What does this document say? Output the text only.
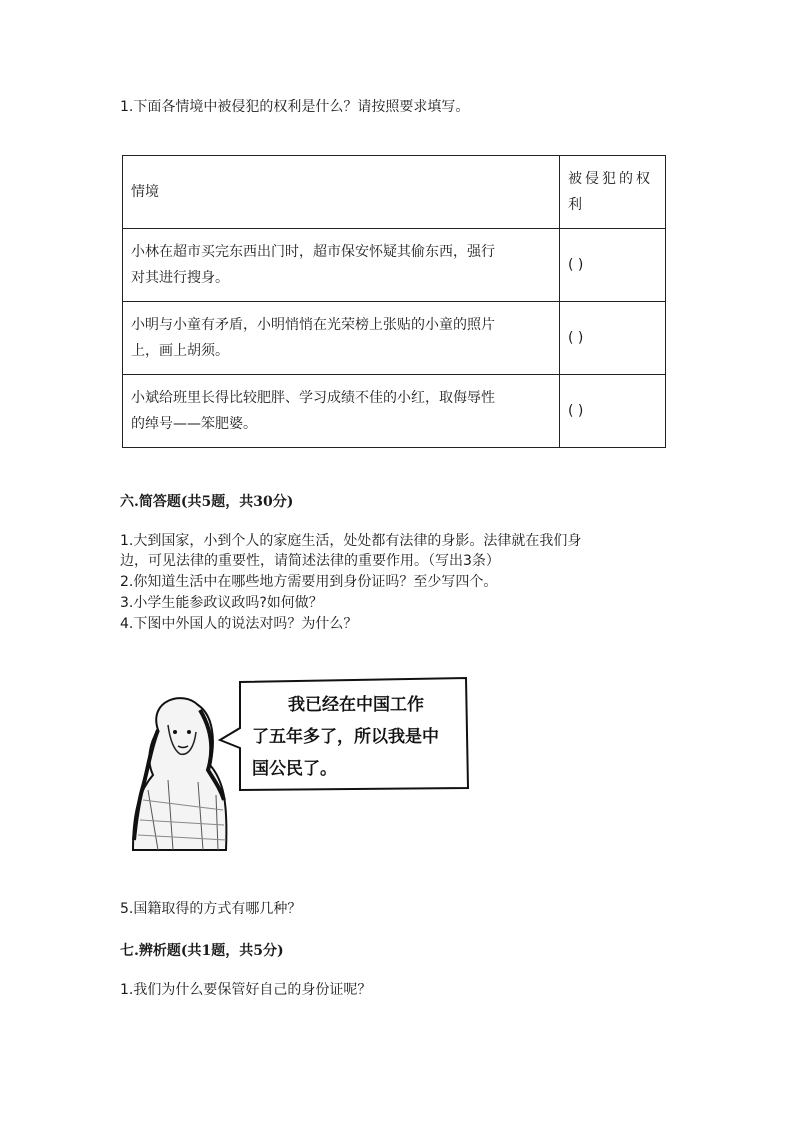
1.下面各情境中被侵犯的权利是什么？请按照要求填写。
情境	被侵犯的权
利

小林在超市买完东西出门时，超市保安怀疑其偷东西，强行
对其进行搜身。	( )

小明与小童有矛盾，小明悄悄在光荣榜上张贴的小童的照片
上，画上胡须。	( )

小斌给班里长得比较肥胖、学习成绩不佳的小红，取侮辱性
的绰号——笨肥婆。	( )
六.简答题(共5题，共30分)
1.大到国家，小到个人的家庭生活，处处都有法律的身影。法律就在我们身
边，可见法律的重要性，请简述法律的重要作用。（写出3条）
2.你知道生活中在哪些地方需要用到身份证吗？至少写四个。
3.小学生能参政议政吗?如何做？
4.下图中外国人的说法对吗？为什么？
我已经在中国工作
了五年多了，所以我是中
国公民了。
5.国籍取得的方式有哪几种？
七.辨析题(共1题，共5分)
1.我们为什么要保管好自己的身份证呢？
